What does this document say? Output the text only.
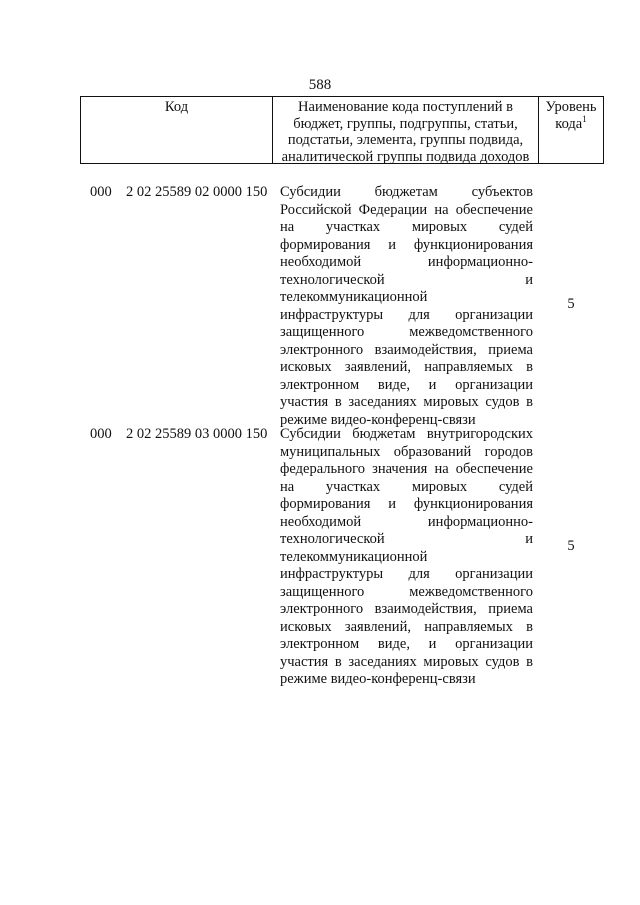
588
Код	Наименование кода поступлений в бюджет, группы, подгруппы, статьи, подстатьи, элемента, группы подвида, аналитической группы подвида доходов
Уровень
кода$^1$
000 2 02 25589 02 0000 150 Субсидии бюджетам субъектов Российской Федерации на обеспечение на участках мировых судей формирования и функционирования необходимой информационно-технологической и телекоммуникационной инфраструктуры для организации защищенного межведомственного электронного взаимодействия, приема исковых заявлений, направляемых в электронном виде, и организации участия в заседаниях мировых судов в режиме видео-конференц-связи
5
000 2 02 25589 03 0000 150 Субсидии бюджетам внутригородских муниципальных образований городов федерального значения на обеспечение на участках мировых судей формирования и функционирования необходимой информационно-технологической и телекоммуникационной инфраструктуры для организации защищенного межведомственного электронного взаимодействия, приема исковых заявлений, направляемых в электронном виде, и организации участия в заседаниях мировых судов в режиме видео-конференц-связи
5
